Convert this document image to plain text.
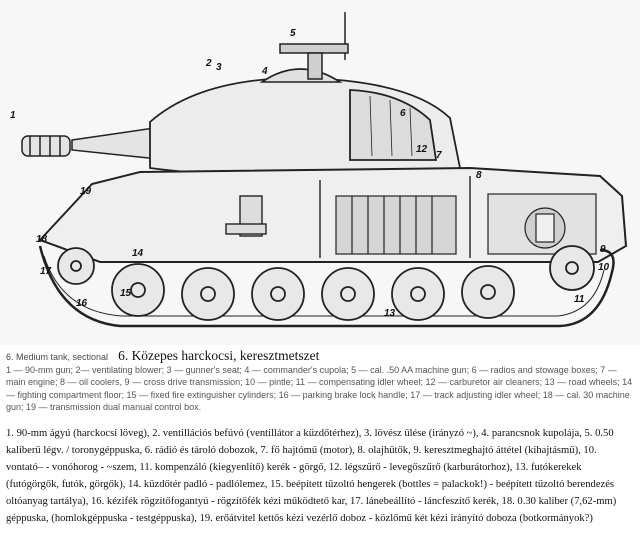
1
2 3	4
5
6
7
8
9
10
11
12
13
14
15
16
17
18
19
6. Medium tank, sectional 6. Közepes harckocsi, keresztmetszet

1 — 90-mm gun; 2— ventilating blower; 3 — gunner's seat; 4 — commander's cupola; 5 — cal. .50 AA machine gun; 6 — radios and stowage boxes; 7 — main engine; 8 — oil coolers, 9 — cross drive transmission; 10 — pintle; 11 — compensating idler wheel; 12 — carburetor air cleaners; 13 — road wheels; 14 — fighting compartment floor; 15 — fixed fire extinguisher cylinders; 16 — parking brake lock handle; 17 — track adjusting idler wheel; 18 — cal. 30 machine gun; 19 — transmission dual manual control box.

1. 90-mm ágyú (harckocsi löveg), 2. ventillációs befúvó (ventillátor a küzdőtérhez), 3. lövész ülése (irányzó ~), 4. parancsnok kupolája, 5. 0.50 kaliberű légv. / toronygéppuska, 6. rádió és tároló dobozok, 7. fő hajtómű (motor), 8. olajhűtők, 9. keresztmeghajtó áttétel (kihajtásmű), 10. vontató– - vonóhorog - ~szem, 11. kompenzáló (kiegyenlítő) kerék - görgő, 12. légszűrő - levegőszűrő (karburátorhoz), 13. futókerekek (futógörgők, futók, görgők), 14. küzdőtér padló - padlólemez, 15. beépített tűzoltó hengerek (bottles = palackok!) - beépített tűzoltó berendezés oltóanyag tartálya), 16. kézifék rögzítőfogantyú - rögzítőfék kézi működtető kar, 17. lánebeállító - láncfeszítő kerék, 18. 0.30 kaliber (7,62-mm) géppuska, (homlokgéppuska - testgéppuska), 19. erőátvitel kettős kézi vezérlő doboz - közlőmű két kézi irányító doboza (botkormányok?)
